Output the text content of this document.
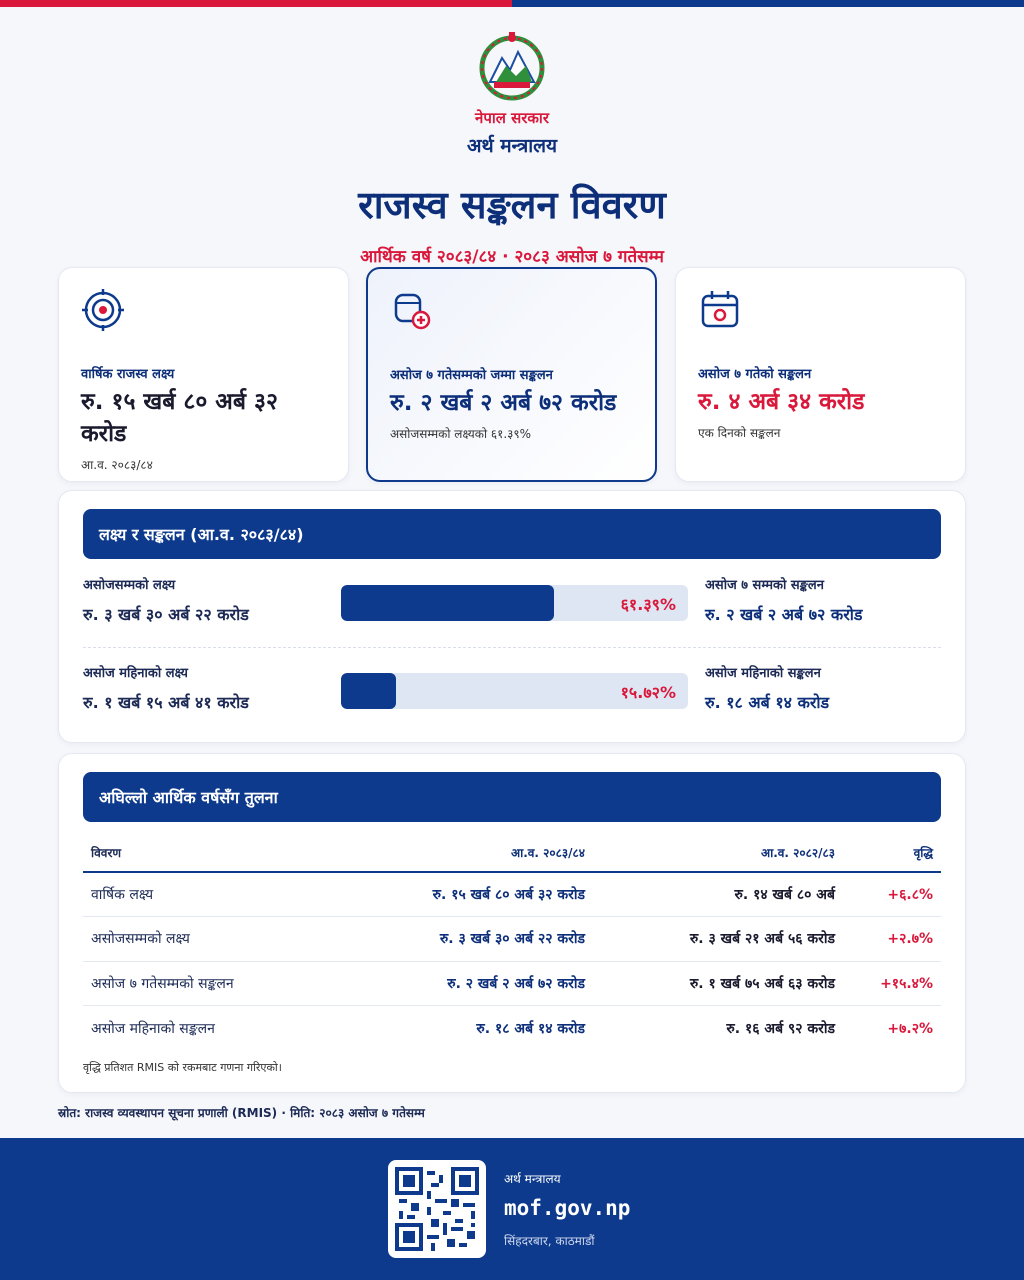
नेपाल सरकार
अर्थ मन्त्रालय
राजस्व सङ्कलन विवरण
आर्थिक वर्ष २०८३/८४ · २०८३ असोज ७ गतेसम्म
वार्षिक राजस्व लक्ष्य
रु. १५ खर्ब ८० अर्ब ३२ करोड
आ.व. २०८३/८४
असोज ७ गतेसम्मको जम्मा सङ्कलन
रु. २ खर्ब २ अर्ब ७२ करोड
असोजसम्मको लक्ष्यको ६१.३९%
असोज ७ गतेको सङ्कलन
रु. ४ अर्ब ३४ करोड
एक दिनको सङ्कलन
लक्ष्य र सङ्कलन (आ.व. २०८३/८४)
असोजसम्मको लक्ष्य
रु. ३ खर्ब ३० अर्ब २२ करोड
६१.३९%
असोज ७ सम्मको सङ्कलन
रु. २ खर्ब २ अर्ब ७२ करोड
असोज महिनाको लक्ष्य
रु. १ खर्ब १५ अर्ब ४१ करोड
१५.७२%
असोज महिनाको सङ्कलन
रु. १८ अर्ब १४ करोड
अघिल्लो आर्थिक वर्षसँग तुलना
विवरण	आ.व. २०८३/८४	आ.व. २०८२/८३	वृद्धि
वार्षिक लक्ष्य	रु. १५ खर्ब ८० अर्ब ३२ करोड	रु. १४ खर्ब ८० अर्ब	+६.८%
असोजसम्मको लक्ष्य	रु. ३ खर्ब ३० अर्ब २२ करोड	रु. ३ खर्ब २१ अर्ब ५६ करोड	+२.७%
असोज ७ गतेसम्मको सङ्कलन	रु. २ खर्ब २ अर्ब ७२ करोड	रु. १ खर्ब ७५ अर्ब ६३ करोड	+१५.४%
असोज महिनाको सङ्कलन	रु. १८ अर्ब १४ करोड	रु. १६ अर्ब ९२ करोड	+७.२%
वृद्धि प्रतिशत RMIS को रकमबाट गणना गरिएको।
स्रोत: राजस्व व्यवस्थापन सूचना प्रणाली (RMIS) · मिति: २०८३ असोज ७ गतेसम्म
अर्थ मन्त्रालय
mof.gov.np
सिंहदरबार, काठमाडौं
